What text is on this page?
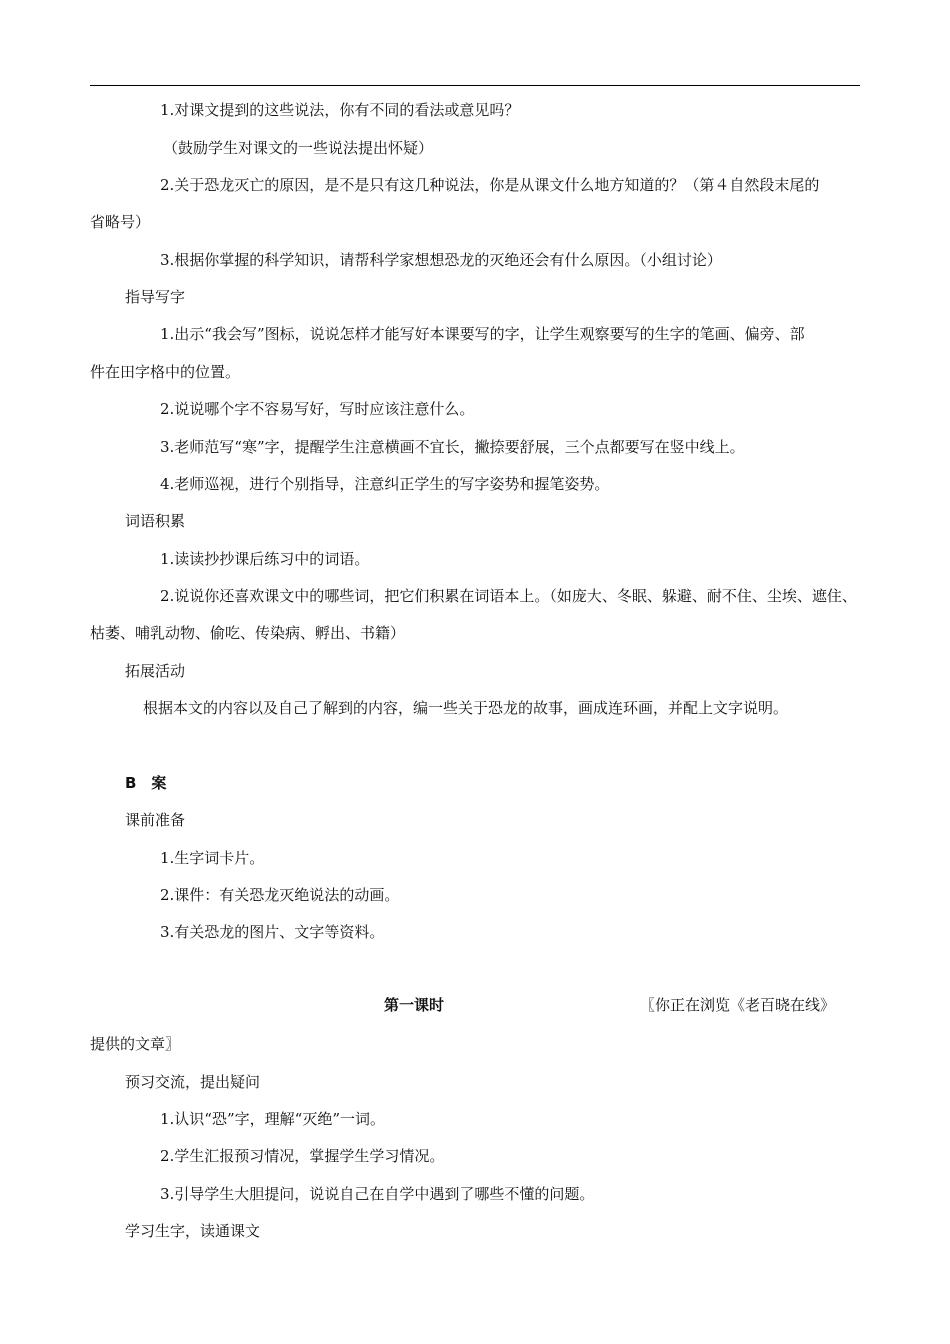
1.对课文提到的这些说法，你有不同的看法或意见吗？
（鼓励学生对课文的一些说法提出怀疑）
2.关于恐龙灭亡的原因，是不是只有这几种说法，你是从课文什么地方知道的？（第４自然段末尾的
省略号）
3.根据你掌握的科学知识，请帮科学家想想恐龙的灭绝还会有什么原因。（小组讨论）
指导写字
1.出示“我会写”图标，说说怎样才能写好本课要写的字，让学生观察要写的生字的笔画、偏旁、部
件在田字格中的位置。
2.说说哪个字不容易写好，写时应该注意什么。
3.老师范写“寒”字，提醒学生注意横画不宜长，撇捺要舒展，三个点都要写在竖中线上。
4.老师巡视，进行个别指导，注意纠正学生的写字姿势和握笔姿势。
词语积累
1.读读抄抄课后练习中的词语。
2.说说你还喜欢课文中的哪些词，把它们积累在词语本上。（如庞大、冬眠、躲避、耐不住、尘埃、遮住、
枯萎、哺乳动物、偷吃、传染病、孵出、书籍）
拓展活动
根据本文的内容以及自己了解到的内容，编一些关于恐龙的故事，画成连环画，并配上文字说明。
B　案
课前准备
1.生字词卡片。
2.课件：有关恐龙灭绝说法的动画。
3.有关恐龙的图片、文字等资料。
第一课时	〖你正在浏览《老百晓在线》
提供的文章〗
预习交流，提出疑问
1.认识“恐”字，理解“灭绝”一词。
2.学生汇报预习情况，掌握学生学习情况。
3.引导学生大胆提问，说说自己在自学中遇到了哪些不懂的问题。
学习生字，读通课文
